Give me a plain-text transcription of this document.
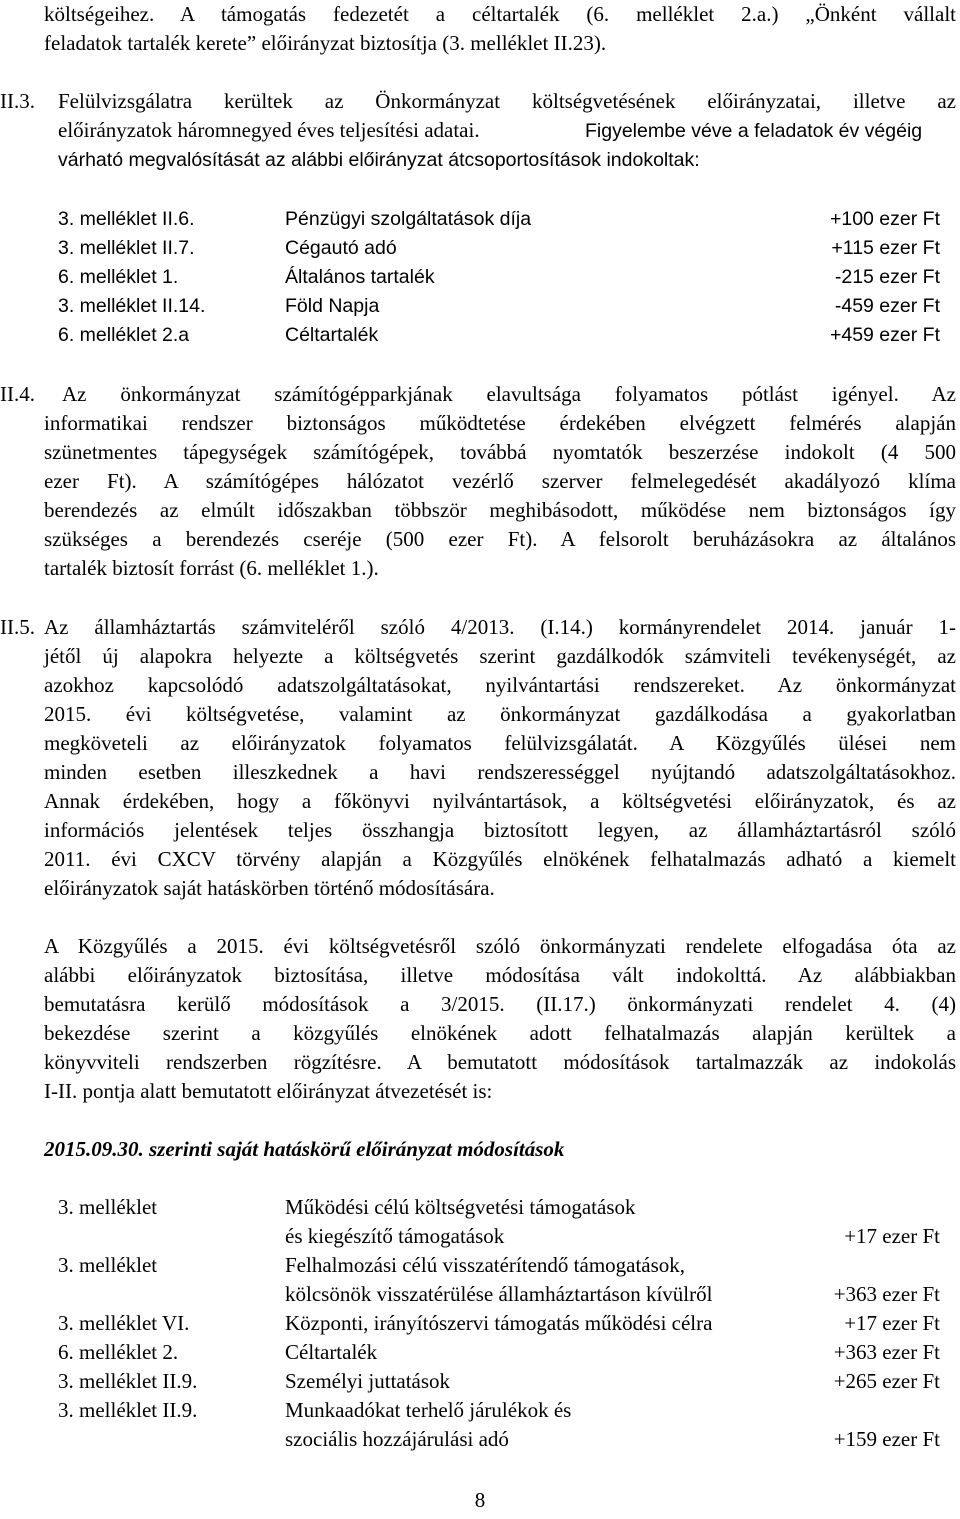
költségeihez. A támogatás fedezetét a céltartalék (6. melléklet 2.a.) „Önként vállalt
feladatok tartalék kerete” előirányzat biztosítja (3. melléklet II.23).
II.3. Felülvizsgálatra kerültek az Önkormányzat költségvetésének előirányzatai, illetve az
előirányzatok háromnegyed éves teljesítési adatai.	Figyelembe véve a feladatok év végéig
várható megvalósítását az alábbi előirányzat átcsoportosítások indokoltak:
3. melléklet II.6.	Pénzügyi szolgáltatások díja	+100 ezer Ft
3. melléklet II.7.	Cégautó adó	+115 ezer Ft
6. melléklet 1.	Általános tartalék	-215 ezer Ft
3. melléklet II.14.	Föld Napja	-459 ezer Ft
6. melléklet 2.a	Céltartalék	+459 ezer Ft
II.4. Az önkormányzat számítógépparkjának elavultsága folyamatos pótlást igényel. Az
informatikai rendszer biztonságos működtetése érdekében elvégzett felmérés alapján
szünetmentes tápegységek számítógépek, továbbá nyomtatók beszerzése indokolt (4 500
ezer Ft). A számítógépes hálózatot vezérlő szerver felmelegedését akadályozó klíma
berendezés az elmúlt időszakban többször meghibásodott, működése nem biztonságos így
szükséges a berendezés cseréje (500 ezer Ft). A felsorolt beruházásokra az általános
tartalék biztosít forrást (6. melléklet 1.).
II.5. Az államháztartás számviteléről szóló 4/2013. (I.14.) kormányrendelet 2014. január 1-
jétől új alapokra helyezte a költségvetés szerint gazdálkodók számviteli tevékenységét, az
azokhoz kapcsolódó adatszolgáltatásokat, nyilvántartási rendszereket. Az önkormányzat
2015. évi költségvetése, valamint az önkormányzat gazdálkodása a gyakorlatban
megköveteli az előirányzatok folyamatos felülvizsgálatát. A Közgyűlés ülései nem
minden esetben illeszkednek a havi rendszerességgel nyújtandó adatszolgáltatásokhoz.
Annak érdekében, hogy a főkönyvi nyilvántartások, a költségvetési előirányzatok, és az
információs jelentések teljes összhangja biztosított legyen, az államháztartásról szóló
2011. évi CXCV törvény alapján a Közgyűlés elnökének felhatalmazás adható a kiemelt
előirányzatok saját hatáskörben történő módosítására.
A Közgyűlés a 2015. évi költségvetésről szóló önkormányzati rendelete elfogadása óta az
alábbi előirányzatok biztosítása, illetve módosítása vált indokolttá. Az alábbiakban
bemutatásra kerülő módosítások a 3/2015. (II.17.) önkormányzati rendelet 4. (4)
bekezdése szerint a közgyűlés elnökének adott felhatalmazás alapján kerültek a
könyvviteli rendszerben rögzítésre. A bemutatott módosítások tartalmazzák az indokolás
I-II. pontja alatt bemutatott előirányzat átvezetését is:
2015.09.30. szerinti saját hatáskörű előirányzat módosítások
3. melléklet	Működési célú költségvetési támogatások
és kiegészítő támogatások	+17 ezer Ft
3. melléklet	Felhalmozási célú visszatérítendő támogatások,
kölcsönök visszatérülése államháztartáson kívülről	+363 ezer Ft
3. melléklet VI.	Központi, irányítószervi támogatás működési célra	+17 ezer Ft
6. melléklet 2.	Céltartalék	+363 ezer Ft
3. melléklet II.9.	Személyi juttatások	+265 ezer Ft
3. melléklet II.9.	Munkaadókat terhelő járulékok és
szociális hozzájárulási adó	+159 ezer Ft
8
